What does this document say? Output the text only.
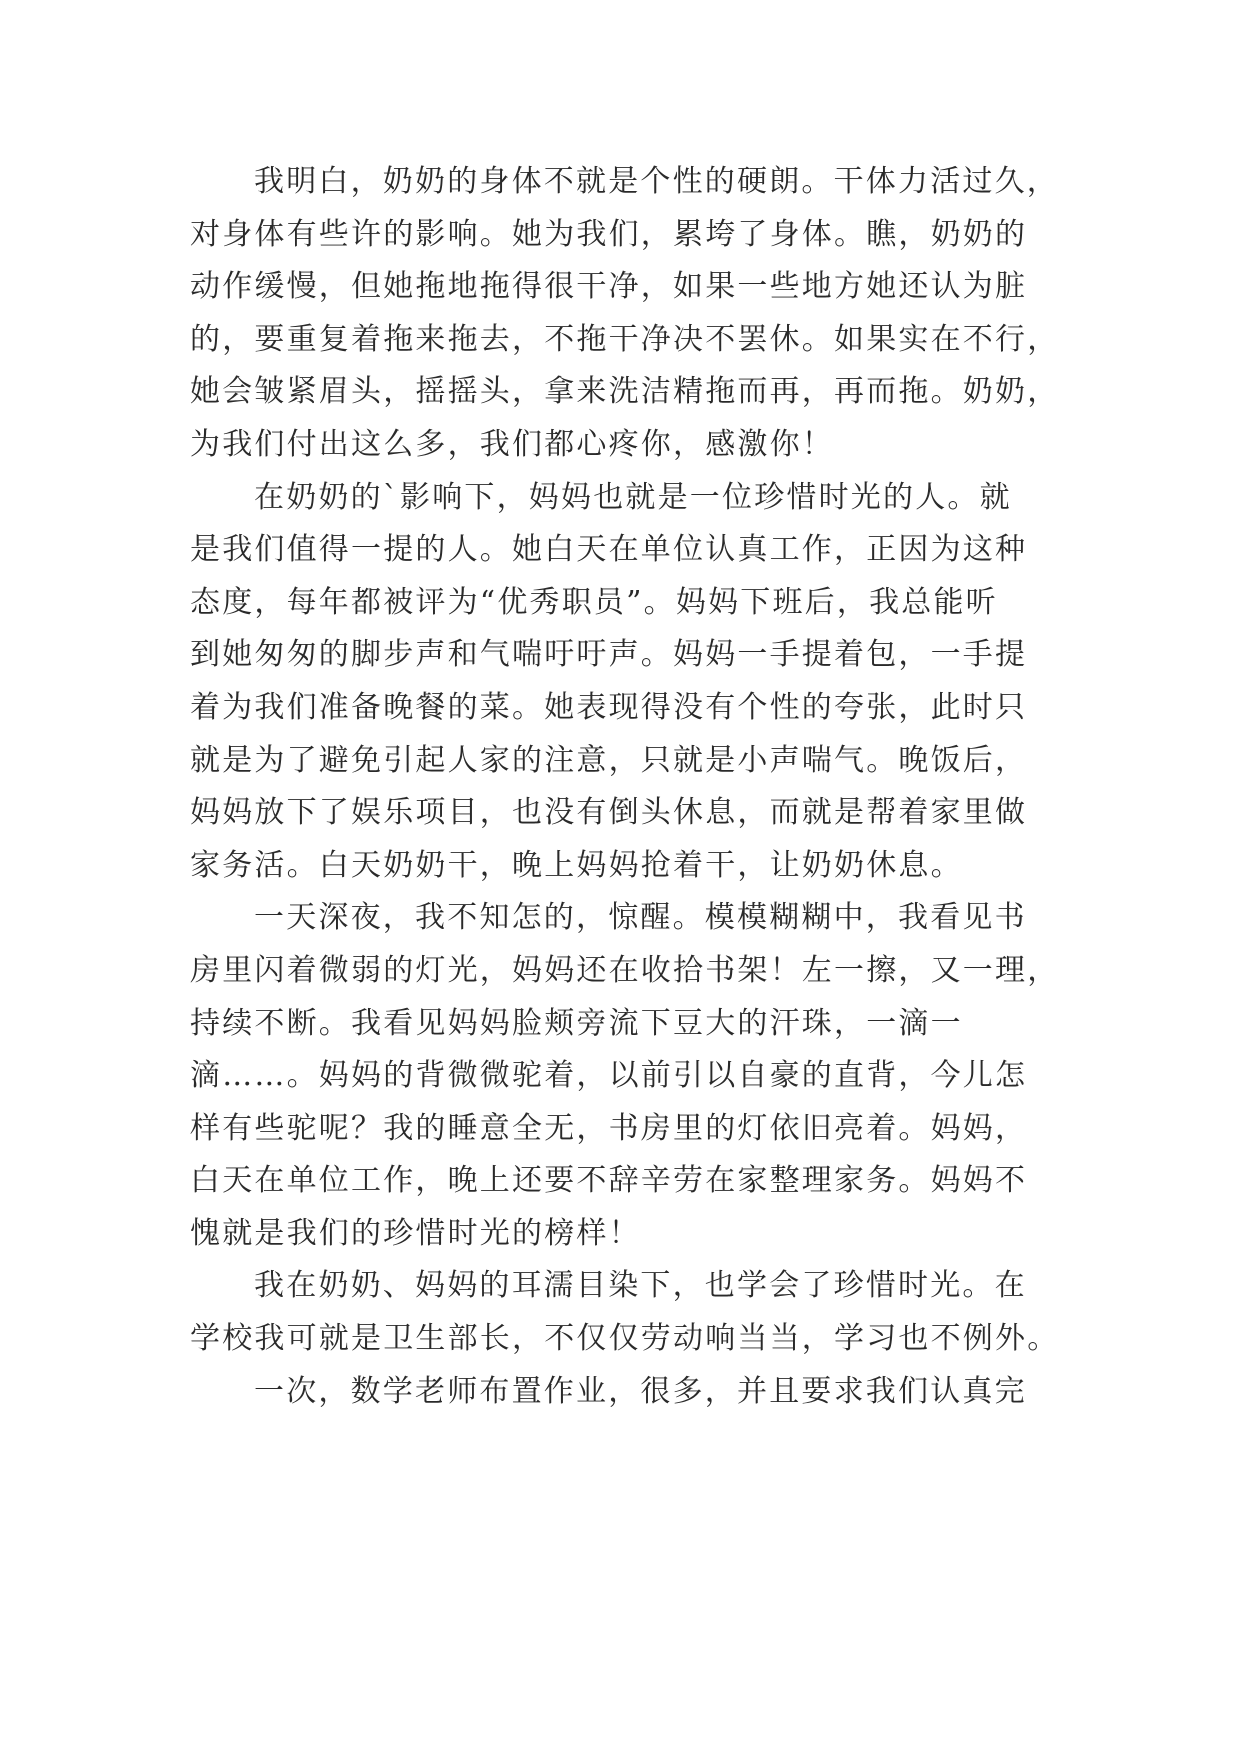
我明白，奶奶的身体不就是个性的硬朗。干体力活过久，
对身体有些许的影响。她为我们，累垮了身体。瞧，奶奶的
动作缓慢，但她拖地拖得很干净，如果一些地方她还认为脏
的，要重复着拖来拖去，不拖干净决不罢休。如果实在不行，
她会皱紧眉头，摇摇头，拿来洗洁精拖而再，再而拖。奶奶，
为我们付出这么多，我们都心疼你，感激你！
在奶奶的`影响下，妈妈也就是一位珍惜时光的人。就
是我们值得一提的人。她白天在单位认真工作，正因为这种
态度，每年都被评为“优秀职员”。妈妈下班后，我总能听
到她匆匆的脚步声和气喘吁吁声。妈妈一手提着包，一手提
着为我们准备晚餐的菜。她表现得没有个性的夸张，此时只
就是为了避免引起人家的注意，只就是小声喘气。晚饭后，
妈妈放下了娱乐项目，也没有倒头休息，而就是帮着家里做
家务活。白天奶奶干，晚上妈妈抢着干，让奶奶休息。
一天深夜，我不知怎的，惊醒。模模糊糊中，我看见书
房里闪着微弱的灯光，妈妈还在收拾书架！左一擦，又一理，
持续不断。我看见妈妈脸颊旁流下豆大的汗珠，一滴一
滴……。妈妈的背微微驼着，以前引以自豪的直背，今儿怎
样有些驼呢？我的睡意全无，书房里的灯依旧亮着。妈妈，
白天在单位工作，晚上还要不辞辛劳在家整理家务。妈妈不
愧就是我们的珍惜时光的榜样！
我在奶奶、妈妈的耳濡目染下，也学会了珍惜时光。在
学校我可就是卫生部长，不仅仅劳动响当当，学习也不例外。
一次，数学老师布置作业，很多，并且要求我们认真完
